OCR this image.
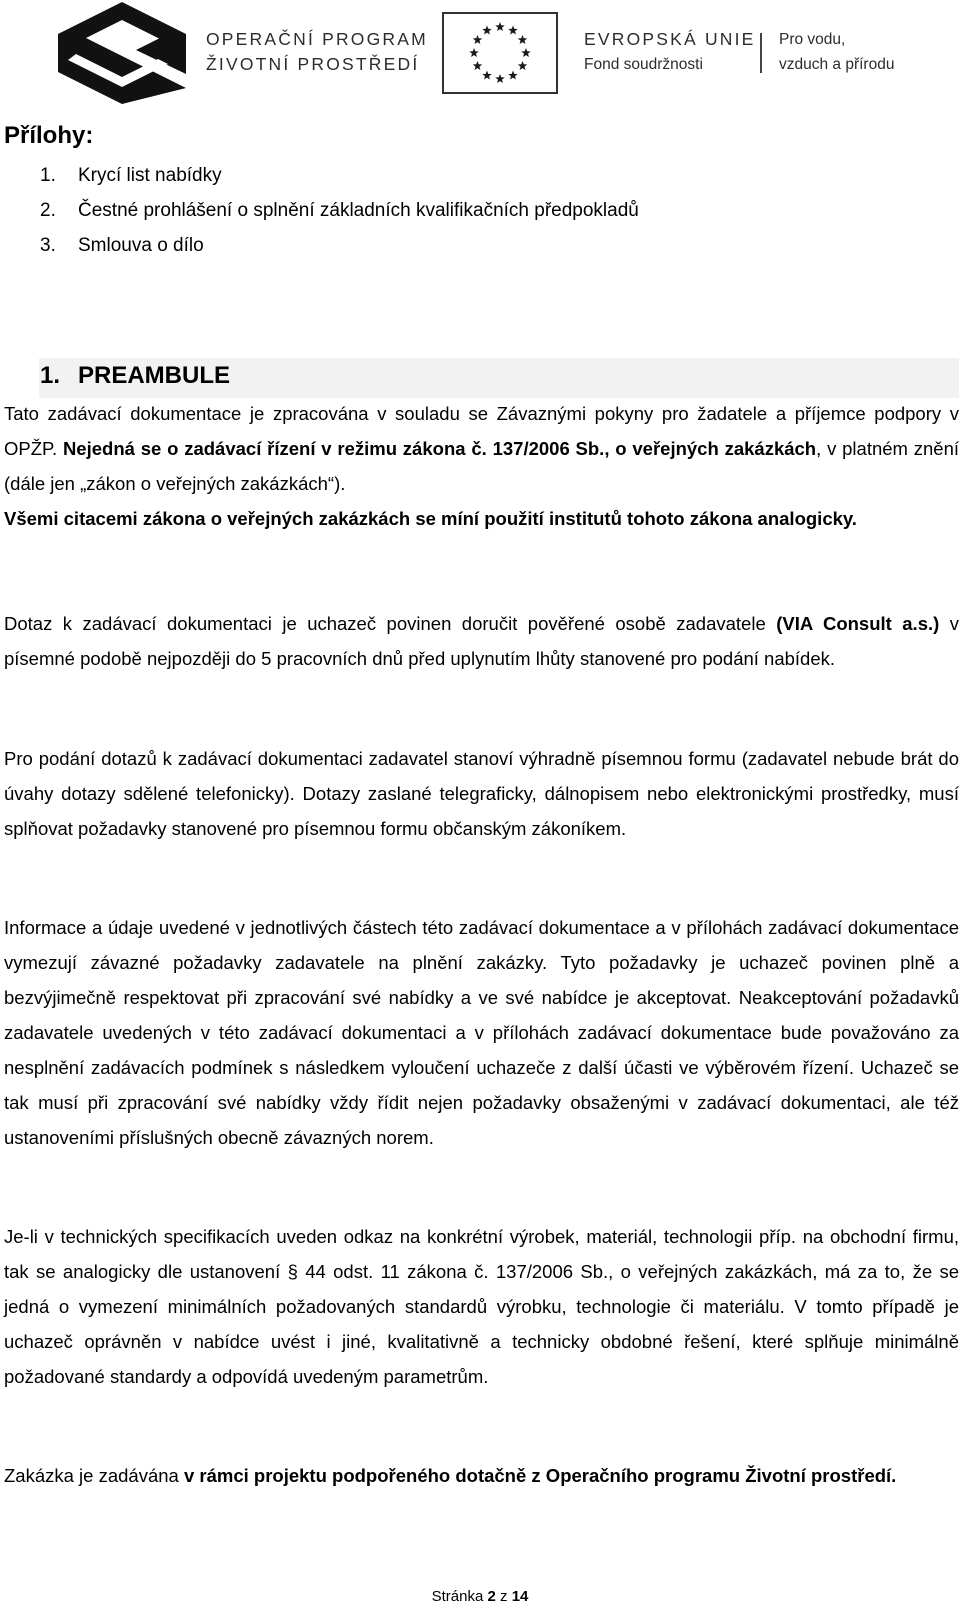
OPERAČNÍ PROGRAM
ŽIVOTNÍ PROSTŘEDÍ
EVROPSKÁ UNIE
Fond soudržnosti
Pro vodu,
vzduch a přírodu
Přílohy:
1. Krycí list nabídky
2. Čestné prohlášení o splnění základních kvalifikačních předpokladů
3. Smlouva o dílo
1. PREAMBULE

Tato zadávací dokumentace je zpracována v souladu se Závaznými pokyny pro žadatele a příjemce podpory v OPŽP. Nejedná se o zadávací řízení v režimu zákona č. 137/2006 Sb., o veřejných zakázkách, v platném znění (dále jen „zákon o veřejných zakázkách“).

Všemi citacemi zákona o veřejných zakázkách se míní použití institutů tohoto zákona analogicky.

Dotaz k zadávací dokumentaci je uchazeč povinen doručit pověřené osobě zadavatele (VIA Consult a.s.) v písemné podobě nejpozději do 5 pracovních dnů před uplynutím lhůty stanovené pro podání nabídek.

Pro podání dotazů k zadávací dokumentaci zadavatel stanoví výhradně písemnou formu (zadavatel nebude brát do úvahy dotazy sdělené telefonicky). Dotazy zaslané telegraficky, dálnopisem nebo elektronickými prostředky, musí splňovat požadavky stanovené pro písemnou formu občanským zákoníkem.

Informace a údaje uvedené v jednotlivých částech této zadávací dokumentace a v přílohách zadávací dokumentace vymezují závazné požadavky zadavatele na plnění zakázky. Tyto požadavky je uchazeč povinen plně a bezvýjimečně respektovat při zpracování své nabídky a ve své nabídce je akceptovat. Neakceptování požadavků zadavatele uvedených v této zadávací dokumentaci a v přílohách zadávací dokumentace bude považováno za nesplnění zadávacích podmínek s následkem vyloučení uchazeče z další účasti ve výběrovém řízení. Uchazeč se tak musí při zpracování své nabídky vždy řídit nejen požadavky obsaženými v zadávací dokumentaci, ale též ustanoveními příslušných obecně závazných norem.

Je-li v technických specifikacích uveden odkaz na konkrétní výrobek, materiál, technologii příp. na obchodní firmu, tak se analogicky dle ustanovení § 44 odst. 11 zákona č. 137/2006 Sb., o veřejných zakázkách, má za to, že se jedná o vymezení minimálních požadovaných standardů výrobku, technologie či materiálu. V tomto případě je uchazeč oprávněn v nabídce uvést i jiné, kvalitativně a technicky obdobné řešení, které splňuje minimálně požadované standardy a odpovídá uvedeným parametrům.

Zakázka je zadávána v rámci projektu podpořeného dotačně z Operačního programu Životní prostředí.

Stránka 2 z 14
